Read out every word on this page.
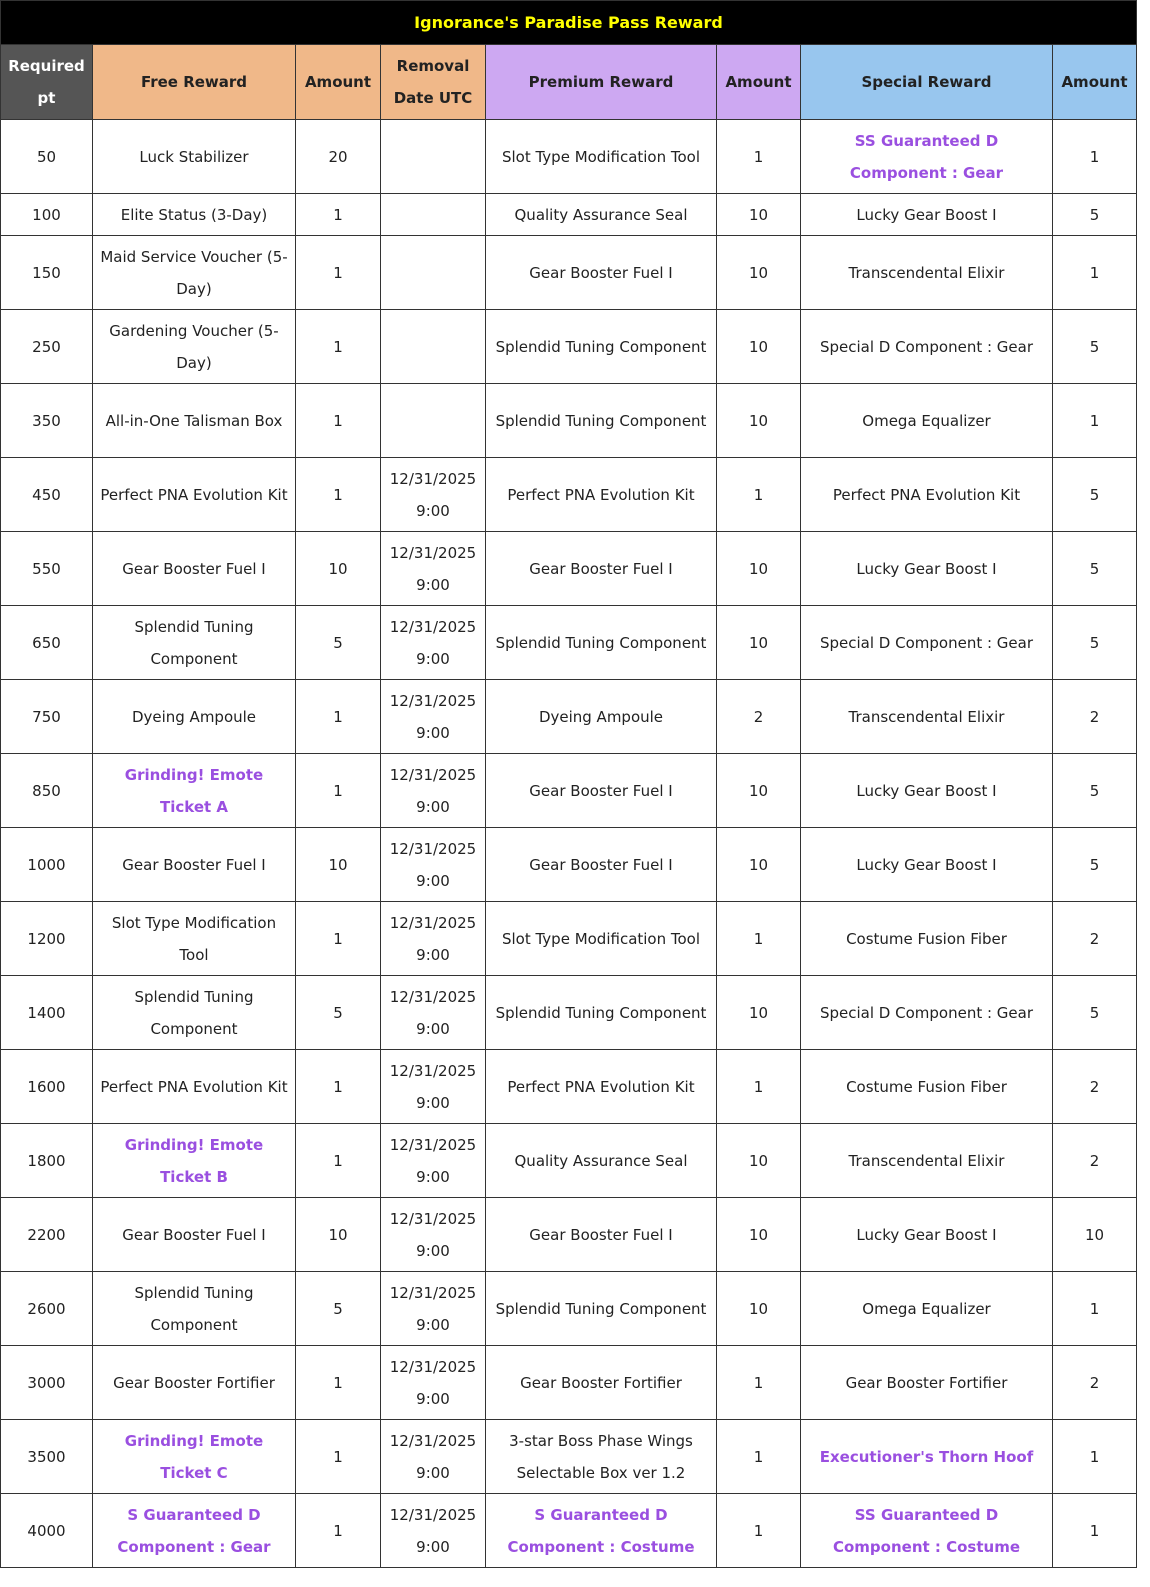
Ignorance's Paradise Pass Reward
Required pt	Free Reward	Amount	Removal Date UTC	Premium Reward	Amount	Special Reward	Amount
50	Luck Stabilizer	20		Slot Type Modification Tool	1	SS Guaranteed D Component : Gear	1
100	Elite Status (3-Day)	1		Quality Assurance Seal	10	Lucky Gear Boost I	5
150	Maid Service Voucher (5-Day)	1		Gear Booster Fuel I	10	Transcendental Elixir	1
250	Gardening Voucher (5-Day)	1		Splendid Tuning Component	10	Special D Component : Gear	5
350	All-in-One Talisman Box	1		Splendid Tuning Component	10	Omega Equalizer	1
450	Perfect PNA Evolution Kit	1	12/31/2025 9:00	Perfect PNA Evolution Kit	1	Perfect PNA Evolution Kit	5
550	Gear Booster Fuel I	10	12/31/2025 9:00	Gear Booster Fuel I	10	Lucky Gear Boost I	5
650	Splendid Tuning Component	5	12/31/2025 9:00	Splendid Tuning Component	10	Special D Component : Gear	5
750	Dyeing Ampoule	1	12/31/2025 9:00	Dyeing Ampoule	2	Transcendental Elixir	2
850	Grinding! Emote Ticket A	1	12/31/2025 9:00	Gear Booster Fuel I	10	Lucky Gear Boost I	5
1000	Gear Booster Fuel I	10	12/31/2025 9:00	Gear Booster Fuel I	10	Lucky Gear Boost I	5
1200	Slot Type Modification Tool	1	12/31/2025 9:00	Slot Type Modification Tool	1	Costume Fusion Fiber	2
1400	Splendid Tuning Component	5	12/31/2025 9:00	Splendid Tuning Component	10	Special D Component : Gear	5
1600	Perfect PNA Evolution Kit	1	12/31/2025 9:00	Perfect PNA Evolution Kit	1	Costume Fusion Fiber	2
1800	Grinding! Emote Ticket B	1	12/31/2025 9:00	Quality Assurance Seal	10	Transcendental Elixir	2
2200	Gear Booster Fuel I	10	12/31/2025 9:00	Gear Booster Fuel I	10	Lucky Gear Boost I	10
2600	Splendid Tuning Component	5	12/31/2025 9:00	Splendid Tuning Component	10	Omega Equalizer	1
3000	Gear Booster Fortifier	1	12/31/2025 9:00	Gear Booster Fortifier	1	Gear Booster Fortifier	2
3500	Grinding! Emote Ticket C	1	12/31/2025 9:00	3-star Boss Phase Wings Selectable Box ver 1.2	1	Executioner's Thorn Hoof	1
4000	S Guaranteed D Component : Gear	1	12/31/2025 9:00	S Guaranteed D Component : Costume	1	SS Guaranteed D Component : Costume	1
